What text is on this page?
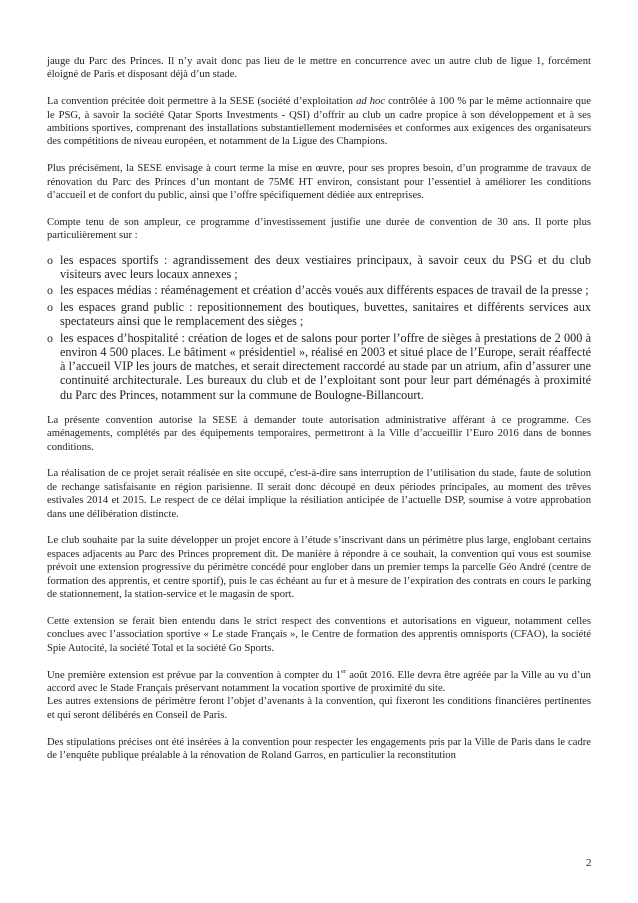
jauge du Parc des Princes. Il n’y avait donc pas lieu de le mettre en concurrence avec un autre club de ligue 1, forcément éloigné de Paris et disposant déjà d’un stade.

La convention précitée doit permettre à la SESE (société d’exploitation ad hoc contrôlée à 100 % par le même actionnaire que le PSG, à savoir la société Qatar Sports Investments - QSI) d’offrir au club un cadre propice à son développement et à ses ambitions sportives, comprenant des installations substantiellement modernisées et conformes aux exigences des organisateurs des compétitions de niveau européen, et notamment de la Ligue des Champions.

Plus précisément, la SESE envisage à court terme la mise en œuvre, pour ses propres besoin, d’un programme de travaux de rénovation du Parc des Princes d’un montant de 75M€ HT environ, consistant pour l’essentiel à améliorer les conditions d’accueil et de confort du public, ainsi que l’offre spécifiquement dédiée aux entreprises.

Compte tenu de son ampleur, ce programme d’investissement justifie une durée de convention de 30 ans. Il porte plus particulièrement sur :

o les espaces sportifs : agrandissement des deux vestiaires principaux, à savoir ceux du PSG et du club visiteurs avec leurs locaux annexes ;
o les espaces médias : réaménagement et création d’accès voués aux différents espaces de travail de la presse ;
o les espaces grand public : repositionnement des boutiques, buvettes, sanitaires et différents services aux spectateurs ainsi que le remplacement des sièges ;
o les espaces d’hospitalité : création de loges et de salons pour porter l’offre de sièges à prestations de 2 000 à environ 4 500 places. Le bâtiment « présidentiel », réalisé en 2003 et situé place de l’Europe, serait réaffecté à l’accueil VIP les jours de matches, et serait directement raccordé au stade par un atrium, afin d’assurer une continuité architecturale. Les bureaux du club et de l’exploitant sont pour leur part déménagés à proximité du Parc des Princes, notamment sur la commune de Boulogne-Billancourt.

La présente convention autorise la SESE à demander toute autorisation administrative afférant à ce programme. Ces aménagements, complétés par des équipements temporaires, permettront à la Ville d’accueillir l’Euro 2016 dans de bonnes conditions.

La réalisation de ce projet serait réalisée en site occupé, c'est-à-dire sans interruption de l’utilisation du stade, faute de solution de rechange satisfaisante en région parisienne. Il serait donc découpé en deux périodes principales, au moment des trêves estivales 2014 et 2015. Le respect de ce délai implique la résiliation anticipée de l’actuelle DSP, soumise à votre approbation dans une délibération distincte.

Le club souhaite par la suite développer un projet encore à l’étude s’inscrivant dans un périmètre plus large, englobant certains espaces adjacents au Parc des Princes proprement dit. De manière à répondre à ce souhait, la convention qui vous est soumise prévoit une extension progressive du périmètre concédé pour englober dans un premier temps la parcelle Géo André (centre de formation des apprentis, et centre sportif), puis le cas échéant au fur et à mesure de l’expiration des contrats en cours le parking de stationnement, la station-service et le magasin de sport.

Cette extension se ferait bien entendu dans le strict respect des conventions et autorisations en vigueur, notamment celles conclues avec l’association sportive « Le stade Français », le Centre de formation des apprentis omnisports (CFAO), la société Spie Autocité, la société Total et la société Go Sports.

Une première extension est prévue par la convention à compter du 1er août 2016. Elle devra être agréée par la Ville au vu d’un accord avec le Stade Français préservant notamment la vocation sportive de proximité du site.

Les autres extensions de périmètre feront l’objet d’avenants à la convention, qui fixeront les conditions financières pertinentes et qui seront délibérés en Conseil de Paris.

Des stipulations précises ont été insérées à la convention pour respecter les engagements pris par la Ville de Paris dans le cadre de l’enquête publique préalable à la rénovation de Roland Garros, en particulier la reconstitution

2
